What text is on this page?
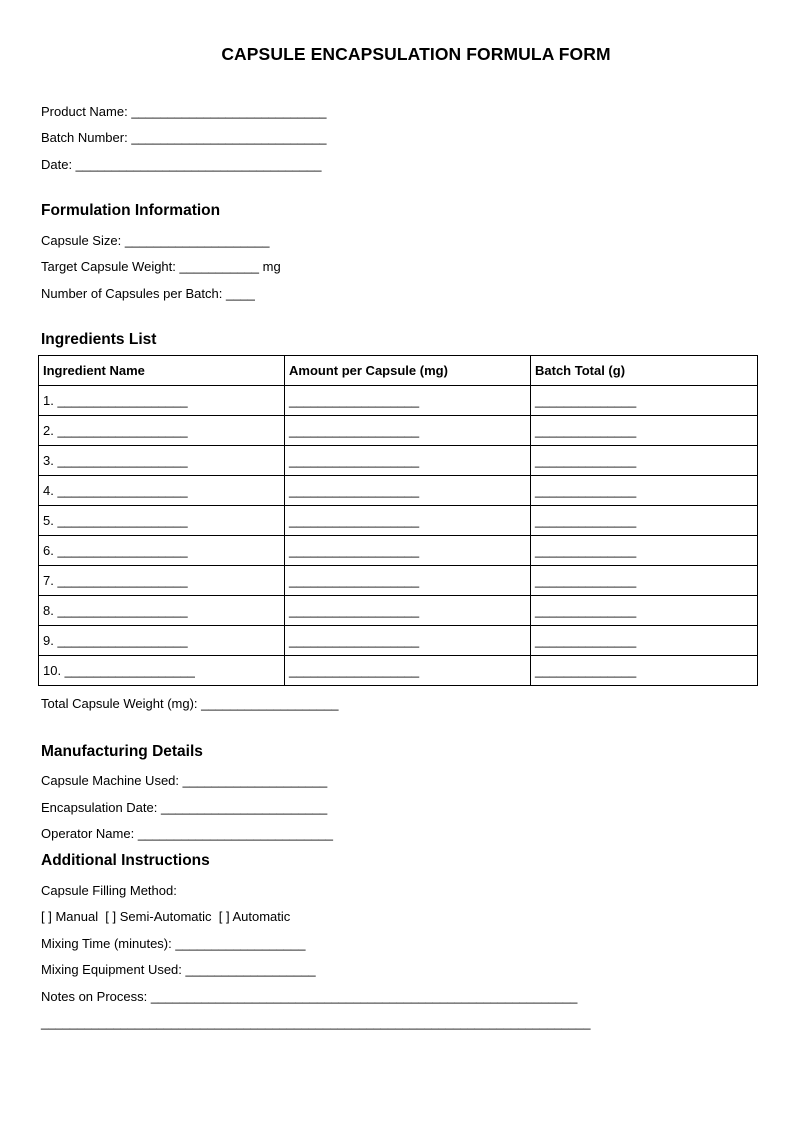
CAPSULE ENCAPSULATION FORMULA FORM
Product Name: ___________________________
Batch Number: ___________________________
Date: __________________________________
Formulation Information
Capsule Size: ____________________
Target Capsule Weight: ___________ mg
Number of Capsules per Batch: ____
Ingredients List
Ingredient Name	Amount per Capsule (mg)	Batch Total (g)
1. __________________	__________________	______________
2. __________________	__________________	______________
3. __________________	__________________	______________
4. __________________	__________________	______________
5. __________________	__________________	______________
6. __________________	__________________	______________
7. __________________	__________________	______________
8. __________________	__________________	______________
9. __________________	__________________	______________
10. __________________	__________________	______________
Total Capsule Weight (mg): ___________________
Manufacturing Details
Capsule Machine Used: ____________________
Encapsulation Date: _______________________
Operator Name: ___________________________
Additional Instructions
Capsule Filling Method:
[ ] Manual  [ ] Semi-Automatic  [ ] Automatic
Mixing Time (minutes): __________________
Mixing Equipment Used: __________________
Notes on Process: ___________________________________________________________
____________________________________________________________________________
